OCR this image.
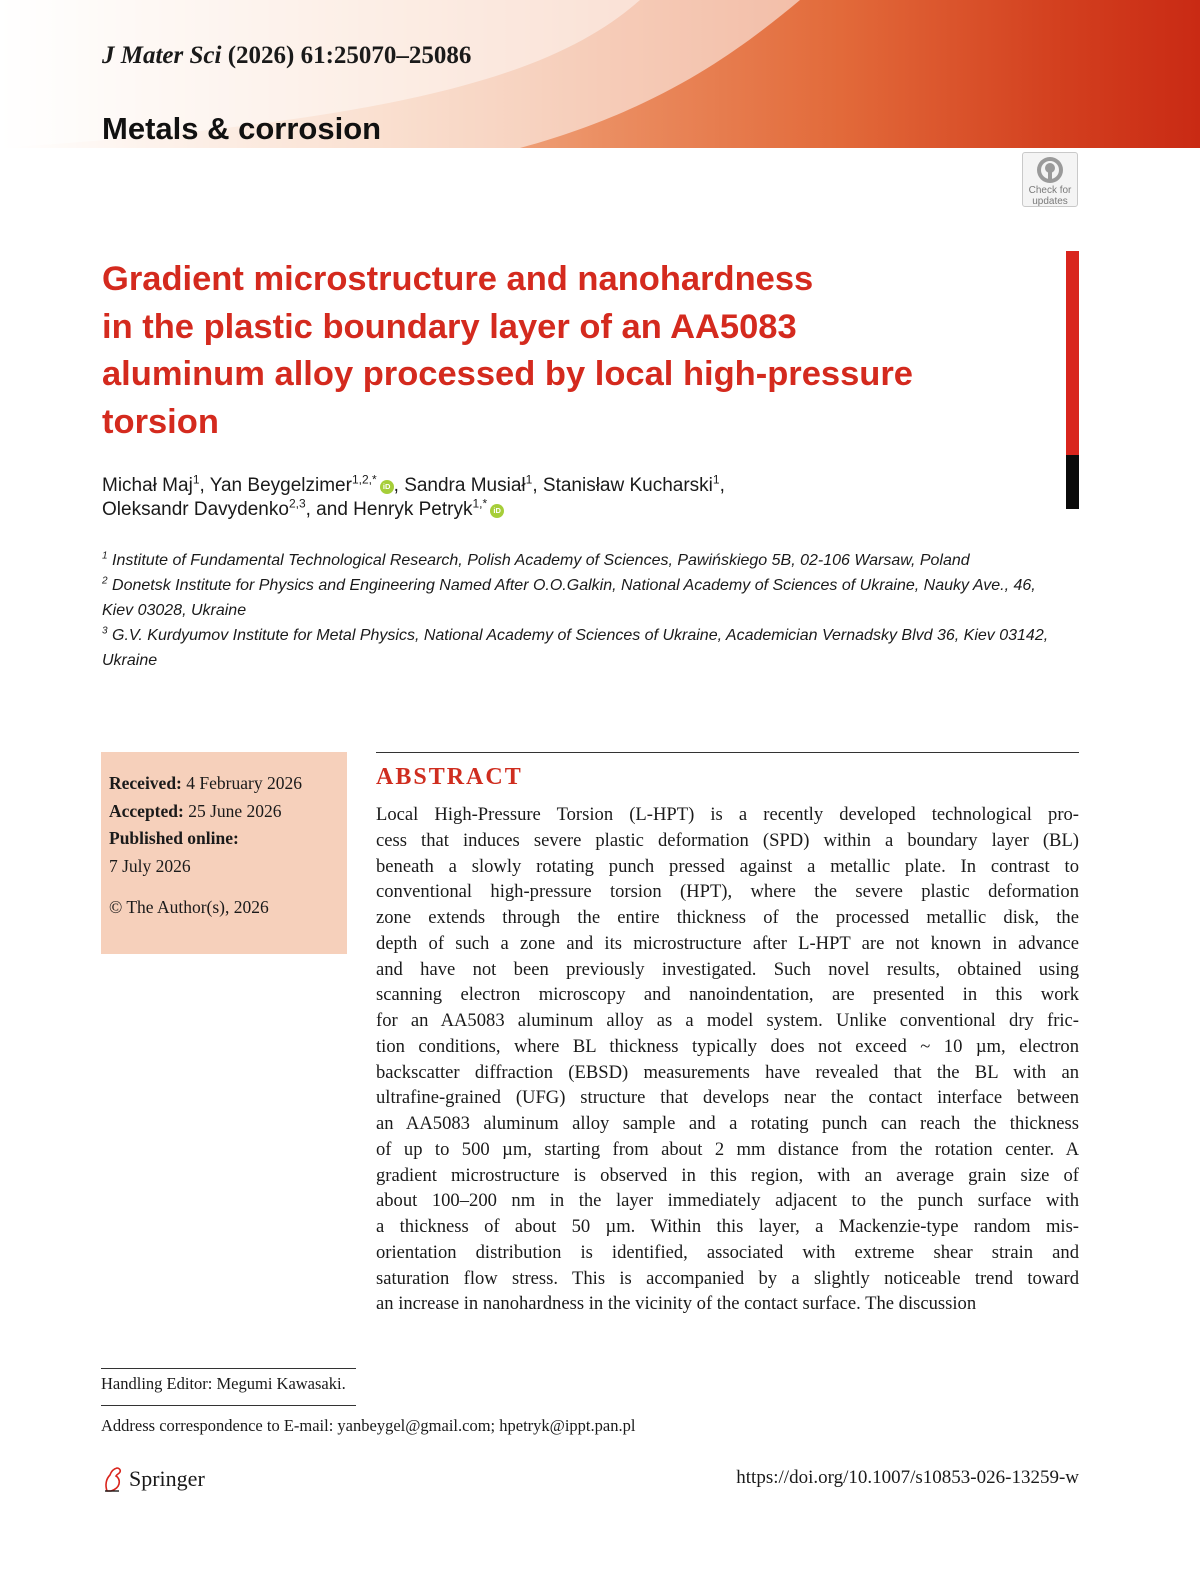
J Mater Sci (2026) 61:25070–25086
Metals & corrosion
Check for
updates
Gradient microstructure and nanohardness
in the plastic boundary layer of an AA5083
aluminum alloy processed by local high-pressure
torsion
Michał Maj$^1$, Yan Beygelzimer$^{1,2,*}$ iD , Sandra Musiał$^1$, Stanisław Kucharski$^1$,
Oleksandr Davydenko$^{2,3}$, and Henryk Petryk$^{1,*}$ iD
$^1$ Institute of Fundamental Technological Research, Polish Academy of Sciences, Pawińskiego 5B, 02-106 Warsaw, Poland
$^2$ Donetsk Institute for Physics and Engineering Named After O.O.Galkin, National Academy of Sciences of Ukraine, Nauky Ave., 46,
Kiev 03028, Ukraine
$^3$ G.V. Kurdyumov Institute for Metal Physics, National Academy of Sciences of Ukraine, Academician Vernadsky Blvd 36, Kiev 03142,
Ukraine
Received: 4 February 2026
Accepted: 25 June 2026
Published online:
7 July 2026
© The Author(s), 2026
ABSTRACT
Local High-Pressure Torsion (L-HPT) is a recently developed technological pro-
cess that induces severe plastic deformation (SPD) within a boundary layer (BL)
beneath a slowly rotating punch pressed against a metallic plate. In contrast to
conventional high-pressure torsion (HPT), where the severe plastic deformation
zone extends through the entire thickness of the processed metallic disk, the
depth of such a zone and its microstructure after L-HPT are not known in advance
and have not been previously investigated. Such novel results, obtained using
scanning electron microscopy and nanoindentation, are presented in this work
for an AA5083 aluminum alloy as a model system. Unlike conventional dry fric-
tion conditions, where BL thickness typically does not exceed ~ 10 µm, electron
backscatter diffraction (EBSD) measurements have revealed that the BL with an
ultrafine-grained (UFG) structure that develops near the contact interface between
an AA5083 aluminum alloy sample and a rotating punch can reach the thickness
of up to 500 µm, starting from about 2 mm distance from the rotation center. A
gradient microstructure is observed in this region, with an average grain size of
about 100–200 nm in the layer immediately adjacent to the punch surface with
a thickness of about 50 µm. Within this layer, a Mackenzie-type random mis-
orientation distribution is identified, associated with extreme shear strain and
saturation flow stress. This is accompanied by a slightly noticeable trend toward
an increase in nanohardness in the vicinity of the contact surface. The discussion
Handling Editor: Megumi Kawasaki.
Address correspondence to E-mail: yanbeygel@gmail.com; hpetryk@ippt.pan.pl
Springer	https://doi.org/10.1007/s10853-026-13259-w
